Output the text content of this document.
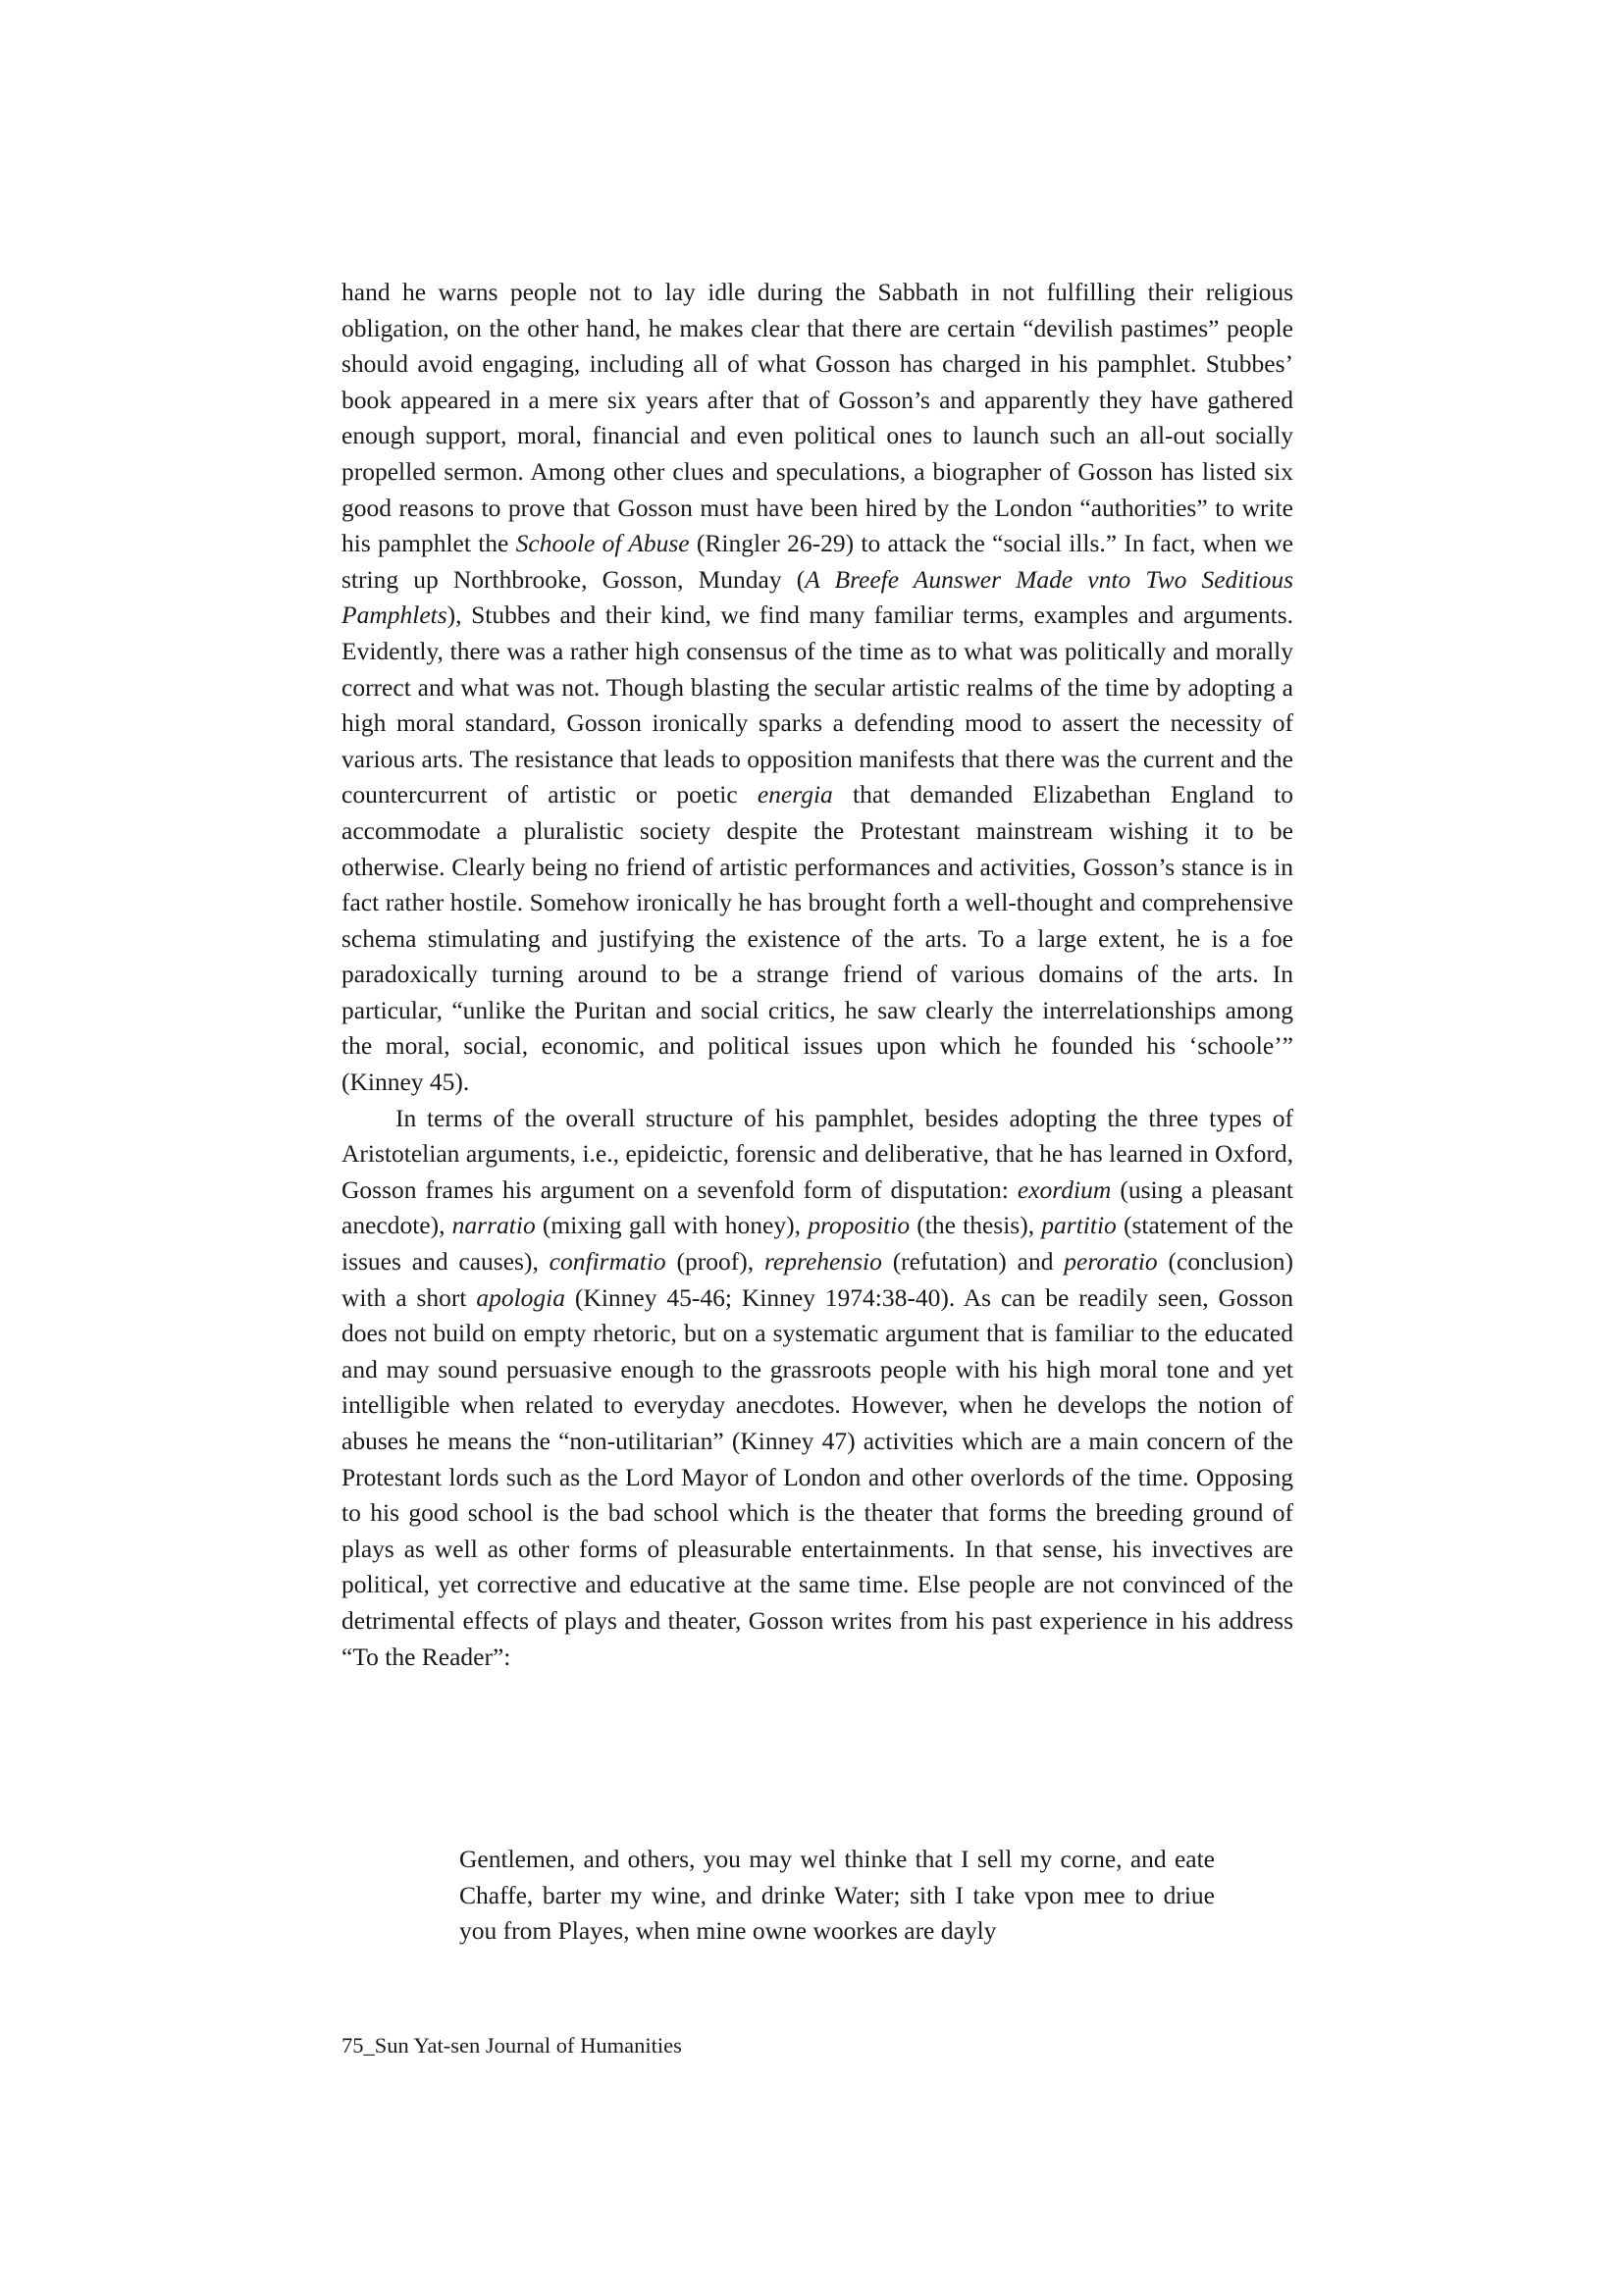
hand he warns people not to lay idle during the Sabbath in not fulfilling their religious obligation, on the other hand, he makes clear that there are certain “devilish pastimes” people should avoid engaging, including all of what Gosson has charged in his pamphlet. Stubbes’ book appeared in a mere six years after that of Gosson’s and apparently they have gathered enough support, moral, financial and even political ones to launch such an all-out socially propelled sermon. Among other clues and speculations, a biographer of Gosson has listed six good reasons to prove that Gosson must have been hired by the London “authorities” to write his pamphlet the Schoole of Abuse (Ringler 26-29) to attack the “social ills.” In fact, when we string up Northbrooke, Gosson, Munday (A Breefe Aunswer Made vnto Two Seditious Pamphlets), Stubbes and their kind, we find many familiar terms, examples and arguments. Evidently, there was a rather high consensus of the time as to what was politically and morally correct and what was not. Though blasting the secular artistic realms of the time by adopting a high moral standard, Gosson ironically sparks a defending mood to assert the necessity of various arts. The resistance that leads to opposition manifests that there was the current and the countercurrent of artistic or poetic energia that demanded Elizabethan England to accommodate a pluralistic society despite the Protestant mainstream wishing it to be otherwise. Clearly being no friend of artistic performances and activities, Gosson’s stance is in fact rather hostile. Somehow ironically he has brought forth a well-thought and comprehensive schema stimulating and justifying the existence of the arts. To a large extent, he is a foe paradoxically turning around to be a strange friend of various domains of the arts. In particular, “unlike the Puritan and social critics, he saw clearly the interrelationships among the moral, social, economic, and political issues upon which he founded his ‘schoole’” (Kinney 45).

In terms of the overall structure of his pamphlet, besides adopting the three types of Aristotelian arguments, i.e., epideictic, forensic and deliberative, that he has learned in Oxford, Gosson frames his argument on a sevenfold form of disputation: exordium (using a pleasant anecdote), narratio (mixing gall with honey), propositio (the thesis), partitio (statement of the issues and causes), confirmatio (proof), reprehensio (refutation) and peroratio (conclusion) with a short apologia (Kinney 45-46; Kinney 1974:38-40). As can be readily seen, Gosson does not build on empty rhetoric, but on a systematic argument that is familiar to the educated and may sound persuasive enough to the grassroots people with his high moral tone and yet intelligible when related to everyday anecdotes. However, when he develops the notion of abuses he means the “non-utilitarian” (Kinney 47) activities which are a main concern of the Protestant lords such as the Lord Mayor of London and other overlords of the time. Opposing to his good school is the bad school which is the theater that forms the breeding ground of plays as well as other forms of pleasurable entertainments. In that sense, his invectives are political, yet corrective and educative at the same time. Else people are not convinced of the detrimental effects of plays and theater, Gosson writes from his past experience in his address “To the Reader”:

Gentlemen, and others, you may wel thinke that I sell my corne, and eate Chaffe, barter my wine, and drinke Water; sith I take vpon mee to driue you from Playes, when mine owne woorkes are dayly

75_Sun Yat-sen Journal of Humanities
